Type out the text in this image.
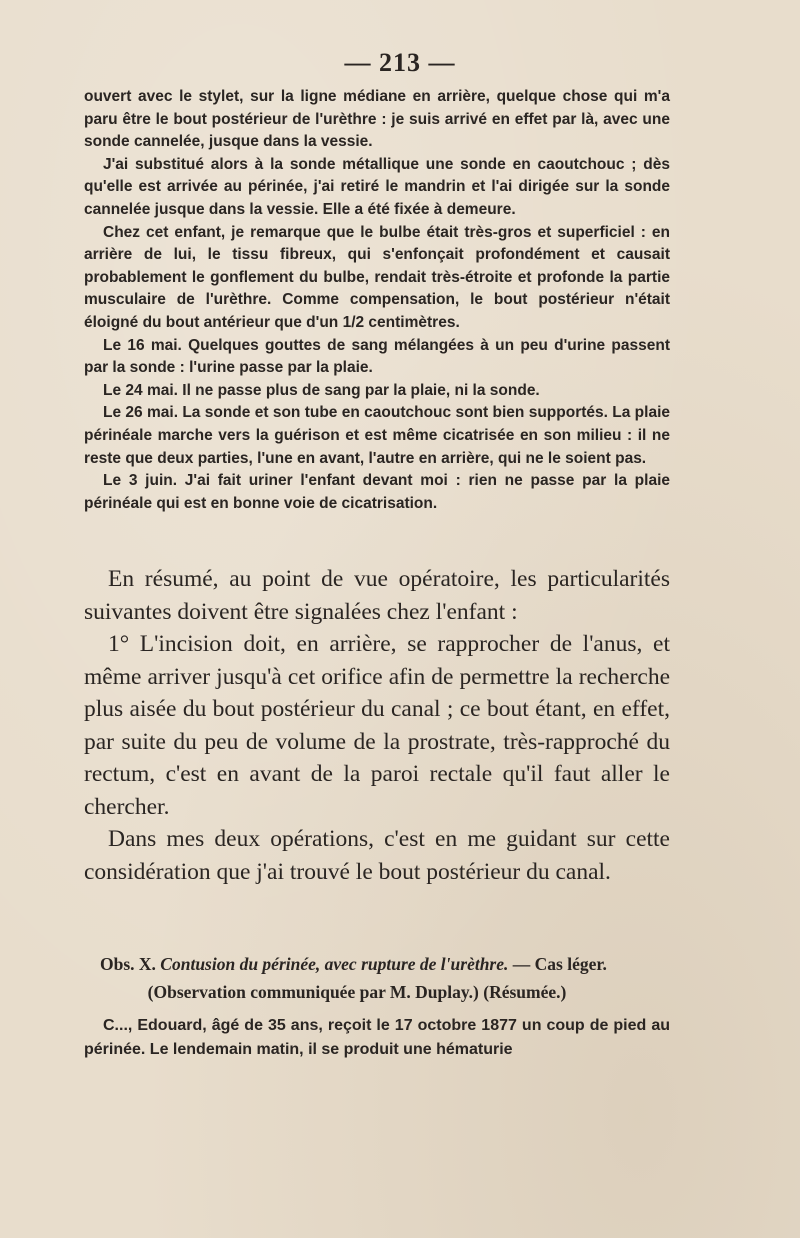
— 213 —

ouvert avec le stylet, sur la ligne médiane en arrière, quelque chose qui m'a paru être le bout postérieur de l'urèthre : je suis arrivé en effet par là, avec une sonde cannelée, jusque dans la vessie.

J'ai substitué alors à la sonde métallique une sonde en caoutchouc ; dès qu'elle est arrivée au périnée, j'ai retiré le mandrin et l'ai dirigée sur la sonde cannelée jusque dans la vessie. Elle a été fixée à demeure.

Chez cet enfant, je remarque que le bulbe était très-gros et superficiel : en arrière de lui, le tissu fibreux, qui s'enfonçait profondément et causait probablement le gonflement du bulbe, rendait très-étroite et profonde la partie musculaire de l'urèthre. Comme compensation, le bout postérieur n'était éloigné du bout antérieur que d'un 1/2 centimètres.

Le 16 mai. Quelques gouttes de sang mélangées à un peu d'urine passent par la sonde : l'urine passe par la plaie.

Le 24 mai. Il ne passe plus de sang par la plaie, ni la sonde.

Le 26 mai. La sonde et son tube en caoutchouc sont bien supportés. La plaie périnéale marche vers la guérison et est même cicatrisée en son milieu : il ne reste que deux parties, l'une en avant, l'autre en arrière, qui ne le soient pas.

Le 3 juin. J'ai fait uriner l'enfant devant moi : rien ne passe par la plaie périnéale qui est en bonne voie de cicatrisation.

En résumé, au point de vue opératoire, les particularités suivantes doivent être signalées chez l'enfant :

1° L'incision doit, en arrière, se rapprocher de l'anus, et même arriver jusqu'à cet orifice afin de permettre la recherche plus aisée du bout postérieur du canal ; ce bout étant, en effet, par suite du peu de volume de la prostrate, très-rapproché du rectum, c'est en avant de la paroi rectale qu'il faut aller le chercher.

Dans mes deux opérations, c'est en me guidant sur cette considération que j'ai trouvé le bout postérieur du canal.

Obs. X. Contusion du périnée, avec rupture de l'urèthre. — Cas léger.

(Observation communiquée par M. Duplay.) (Résumée.)

C..., Edouard, âgé de 35 ans, reçoit le 17 octobre 1877 un coup de pied au périnée. Le lendemain matin, il se produit une hématurie
